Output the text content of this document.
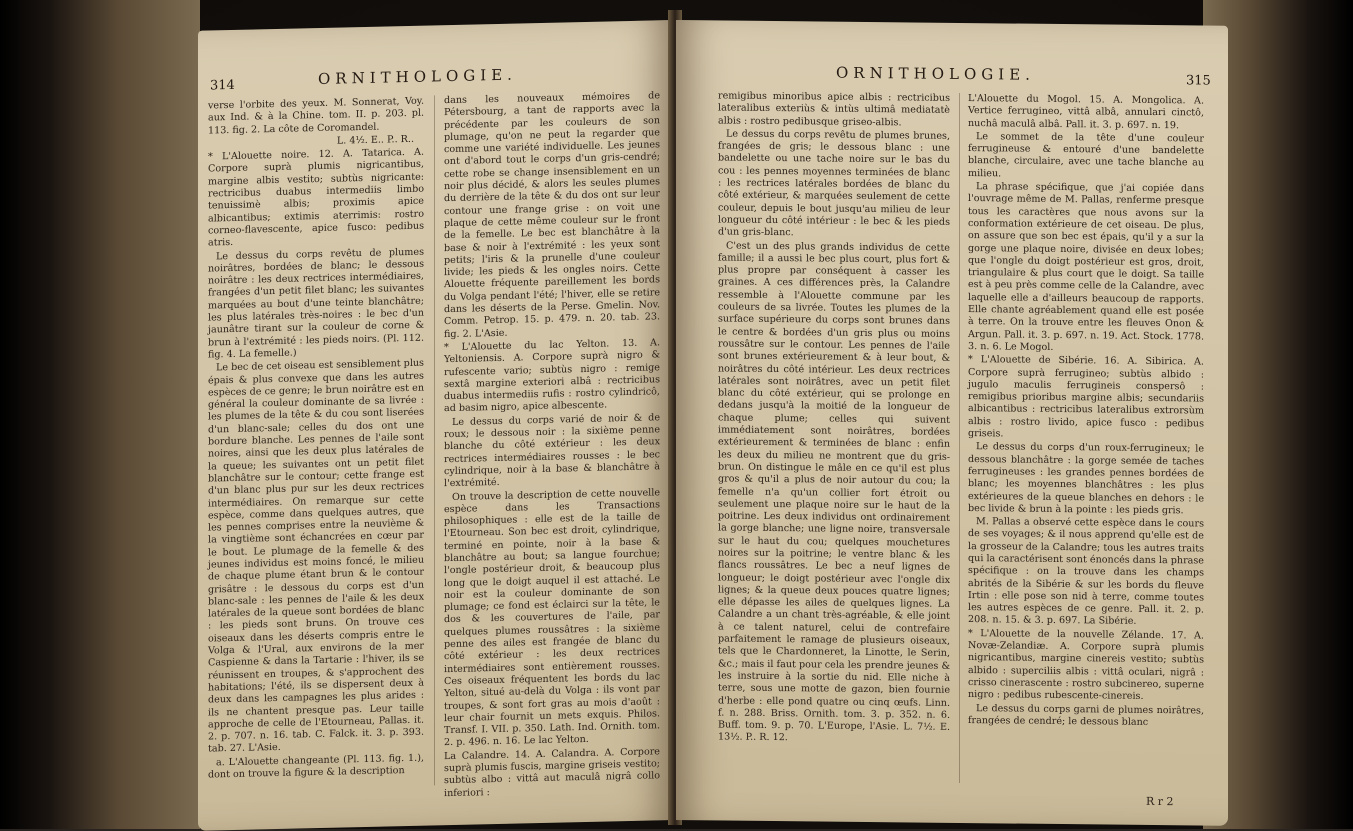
314	ORNITHOLOGIE.

verse l'orbite des yeux. M. Sonnerat, Voy. aux Ind. & à la Chine. tom. II. p. 203. pl. 113. fig. 2. La côte de Coromandel.

L. 4½. E.. P.. R..

* L'Alouette noire. 12. A. Tatarica. A. Corpore suprà plumis nigricantibus, margine albis vestito; subtùs nigricante: rectricibus duabus intermediis limbo tenuissimè albis; proximis apice albicantibus; extimis aterrimis: rostro corneo-flavescente, apice fusco: pedibus atris.

Le dessus du corps revêtu de plumes noirâtres, bordées de blanc; le dessous noirâtre : les deux rectrices intermédiaires, frangées d'un petit filet blanc; les suivantes marquées au bout d'une teinte blanchâtre; les plus latérales très-noires : le bec d'un jaunâtre tirant sur la couleur de corne & brun à l'extrémité : les pieds noirs. (Pl. 112. fig. 4. La femelle.)

Le bec de cet oiseau est sensiblement plus épais & plus convexe que dans les autres espèces de ce genre; le brun noirâtre est en général la couleur dominante de sa livrée : les plumes de la tête & du cou sont liserées d'un blanc-sale; celles du dos ont une bordure blanche. Les pennes de l'aile sont noires, ainsi que les deux plus latérales de la queue; les suivantes ont un petit filet blanchâtre sur le contour; cette frange est d'un blanc plus pur sur les deux rectrices intermédiaires. On remarque sur cette espèce, comme dans quelques autres, que les pennes comprises entre la neuvième & la vingtième sont échancrées en cœur par le bout. Le plumage de la femelle & des jeunes individus est moins foncé, le milieu de chaque plume étant brun & le contour grisâtre : le dessous du corps est d'un blanc-sale : les pennes de l'aile & les deux latérales de la queue sont bordées de blanc : les pieds sont bruns. On trouve ces oiseaux dans les déserts compris entre le Volga & l'Ural, aux environs de la mer Caspienne & dans la Tartarie : l'hiver, ils se réunissent en troupes, & s'approchent des habitations; l'été, ils se dispersent deux à deux dans les campagnes les plus arides : ils ne chantent presque pas. Leur taille approche de celle de l'Etourneau, Pallas. it. 2. p. 707. n. 16. tab. C. Falck. it. 3. p. 393. tab. 27. L'Asie.

a. L'Alouette changeante (Pl. 113. fig. 1.), dont on trouve la figure & la description

dans les nouveaux mémoires de Pétersbourg, a tant de rapports avec la précédente par les couleurs de son plumage, qu'on ne peut la regarder que comme une variété individuelle. Les jeunes ont d'abord tout le corps d'un gris-cendré; cette robe se change insensiblement en un noir plus décidé, & alors les seules plumes du derrière de la tête & du dos ont sur leur contour une frange grise : on voit une plaque de cette même couleur sur le front de la femelle. Le bec est blanchâtre à la base & noir à l'extrémité : les yeux sont petits; l'iris & la prunelle d'une couleur livide; les pieds & les ongles noirs. Cette Alouette fréquente pareillement les bords du Volga pendant l'été; l'hiver, elle se retire dans les déserts de la Perse. Gmelin. Nov. Comm. Petrop. 15. p. 479. n. 20. tab. 23. fig. 2. L'Asie.

* L'Alouette du lac Yelton. 13. A. Yeltoniensis. A. Corpore suprà nigro & rufescente vario; subtùs nigro : remige sextâ margine exteriori albâ : rectricibus duabus intermediis rufis : rostro cylindricô, ad basim nigro, apice albescente.

Le dessus du corps varié de noir & de roux; le dessous noir : la sixième penne blanche du côté extérieur : les deux rectrices intermédiaires rousses : le bec cylindrique, noir à la base & blanchâtre à l'extrémité.

On trouve la description de cette nouvelle espèce dans les Transactions philosophiques : elle est de la taille de l'Etourneau. Son bec est droit, cylindrique, terminé en pointe, noir à la base & blanchâtre au bout; sa langue fourchue; l'ongle postérieur droit, & beaucoup plus long que le doigt auquel il est attaché. Le noir est la couleur dominante de son plumage; ce fond est éclairci sur la tête, le dos & les couvertures de l'aile, par quelques plumes roussâtres : la sixième penne des ailes est frangée de blanc du côté extérieur : les deux rectrices intermédiaires sont entièrement rousses. Ces oiseaux fréquentent les bords du lac Yelton, situé au-delà du Volga : ils vont par troupes, & sont fort gras au mois d'août : leur chair fournit un mets exquis. Philos. Transf. I. VII. p. 350. Lath. Ind. Ornith. tom. 2. p. 496. n. 16. Le lac Yelton.

La Calandre. 14. A. Calandra. A. Corpore suprà plumis fuscis, margine griseis vestito; subtùs albo : vittâ aut maculâ nigrâ collo inferiori :

ORNITHOLOGIE.	315

remigibus minoribus apice albis : rectricibus lateralibus exteriùs & intùs ultimâ mediatatè albis : rostro pedibusque griseo-albis.

Le dessus du corps revêtu de plumes brunes, frangées de gris; le dessous blanc : une bandelette ou une tache noire sur le bas du cou : les pennes moyennes terminées de blanc : les rectrices latérales bordées de blanc du côté extérieur, & marquées seulement de cette couleur, depuis le bout jusqu'au milieu de leur longueur du côté intérieur : le bec & les pieds d'un gris-blanc.

C'est un des plus grands individus de cette famille; il a aussi le bec plus court, plus fort & plus propre par conséquent à casser les graines. A ces différences près, la Calandre ressemble à l'Alouette commune par les couleurs de sa livrée. Toutes les plumes de la surface supérieure du corps sont brunes dans le centre & bordées d'un gris plus ou moins roussâtre sur le contour. Les pennes de l'aile sont brunes extérieurement & à leur bout, & noirâtres du côté intérieur. Les deux rectrices latérales sont noirâtres, avec un petit filet blanc du côté extérieur, qui se prolonge en dedans jusqu'à la moitié de la longueur de chaque plume; celles qui suivent immédiatement sont noirâtres, bordées extérieurement & terminées de blanc : enfin les deux du milieu ne montrent que du gris-brun. On distingue le mâle en ce qu'il est plus gros & qu'il a plus de noir autour du cou; la femelle n'a qu'un collier fort étroit ou seulement une plaque noire sur le haut de la poitrine. Les deux individus ont ordinairement la gorge blanche; une ligne noire, transversale sur le haut du cou; quelques mouchetures noires sur la poitrine; le ventre blanc & les flancs roussâtres. Le bec a neuf lignes de longueur; le doigt postérieur avec l'ongle dix lignes; & la queue deux pouces quatre lignes; elle dépasse les ailes de quelques lignes. La Calandre a un chant très-agréable, & elle joint à ce talent naturel, celui de contrefaire parfaitement le ramage de plusieurs oiseaux, tels que le Chardonneret, la Linotte, le Serin, &c.; mais il faut pour cela les prendre jeunes & les instruire à la sortie du nid. Elle niche à terre, sous une motte de gazon, bien fournie d'herbe : elle pond quatre ou cinq œufs. Linn. f. n. 288. Briss. Ornith. tom. 3. p. 352. n. 6. Buff. tom. 9. p. 70. L'Europe, l'Asie. L. 7½. E. 13½. P.. R. 12.

L'Alouette du Mogol. 15. A. Mongolica. A. Vertice ferrugineo, vittâ albâ, annulari cinctô, nuchâ maculâ albâ. Pall. it. 3. p. 697. n. 19.

Le sommet de la tête d'une couleur ferrugineuse & entouré d'une bandelette blanche, circulaire, avec une tache blanche au milieu.

La phrase spécifique, que j'ai copiée dans l'ouvrage même de M. Pallas, renferme presque tous les caractères que nous avons sur la conformation extérieure de cet oiseau. De plus, on assure que son bec est épais, qu'il y a sur la gorge une plaque noire, divisée en deux lobes; que l'ongle du doigt postérieur est gros, droit, triangulaire & plus court que le doigt. Sa taille est à peu près comme celle de la Calandre, avec laquelle elle a d'ailleurs beaucoup de rapports. Elle chante agréablement quand elle est posée à terre. On la trouve entre les fleuves Onon & Argun. Pall. it. 3. p. 697. n. 19. Act. Stock. 1778. 3. n. 6. Le Mogol.

* L'Alouette de Sibérie. 16. A. Sibirica. A. Corpore suprà ferrugineo; subtùs albido : jugulo maculis ferrugineis conspersô : remigibus prioribus margine albis; secundariis albicantibus : rectricibus lateralibus extrorsùm albis : rostro livido, apice fusco : pedibus griseis.

Le dessus du corps d'un roux-ferrugineux; le dessous blanchâtre : la gorge semée de taches ferrugineuses : les grandes pennes bordées de blanc; les moyennes blanchâtres : les plus extérieures de la queue blanches en dehors : le bec livide & brun à la pointe : les pieds gris.

M. Pallas a observé cette espèce dans le cours de ses voyages; & il nous apprend qu'elle est de la grosseur de la Calandre; tous les autres traits qui la caractérisent sont énoncés dans la phrase spécifique : on la trouve dans les champs abrités de la Sibérie & sur les bords du fleuve Irtin : elle pose son nid à terre, comme toutes les autres espèces de ce genre. Pall. it. 2. p. 208. n. 15. & 3. p. 697. La Sibérie.

* L'Alouette de la nouvelle Zélande. 17. A. Novæ-Zelandiæ. A. Corpore suprà plumis nigricantibus, margine cinereis vestito; subtùs albido : superciliis albis : vittâ oculari, nigrâ : crisso cinerascente : rostro subcinereo, superne nigro : pedibus rubescente-cinereis.

Le dessus du corps garni de plumes noirâtres, frangées de cendré; le dessous blanc

R r 2
